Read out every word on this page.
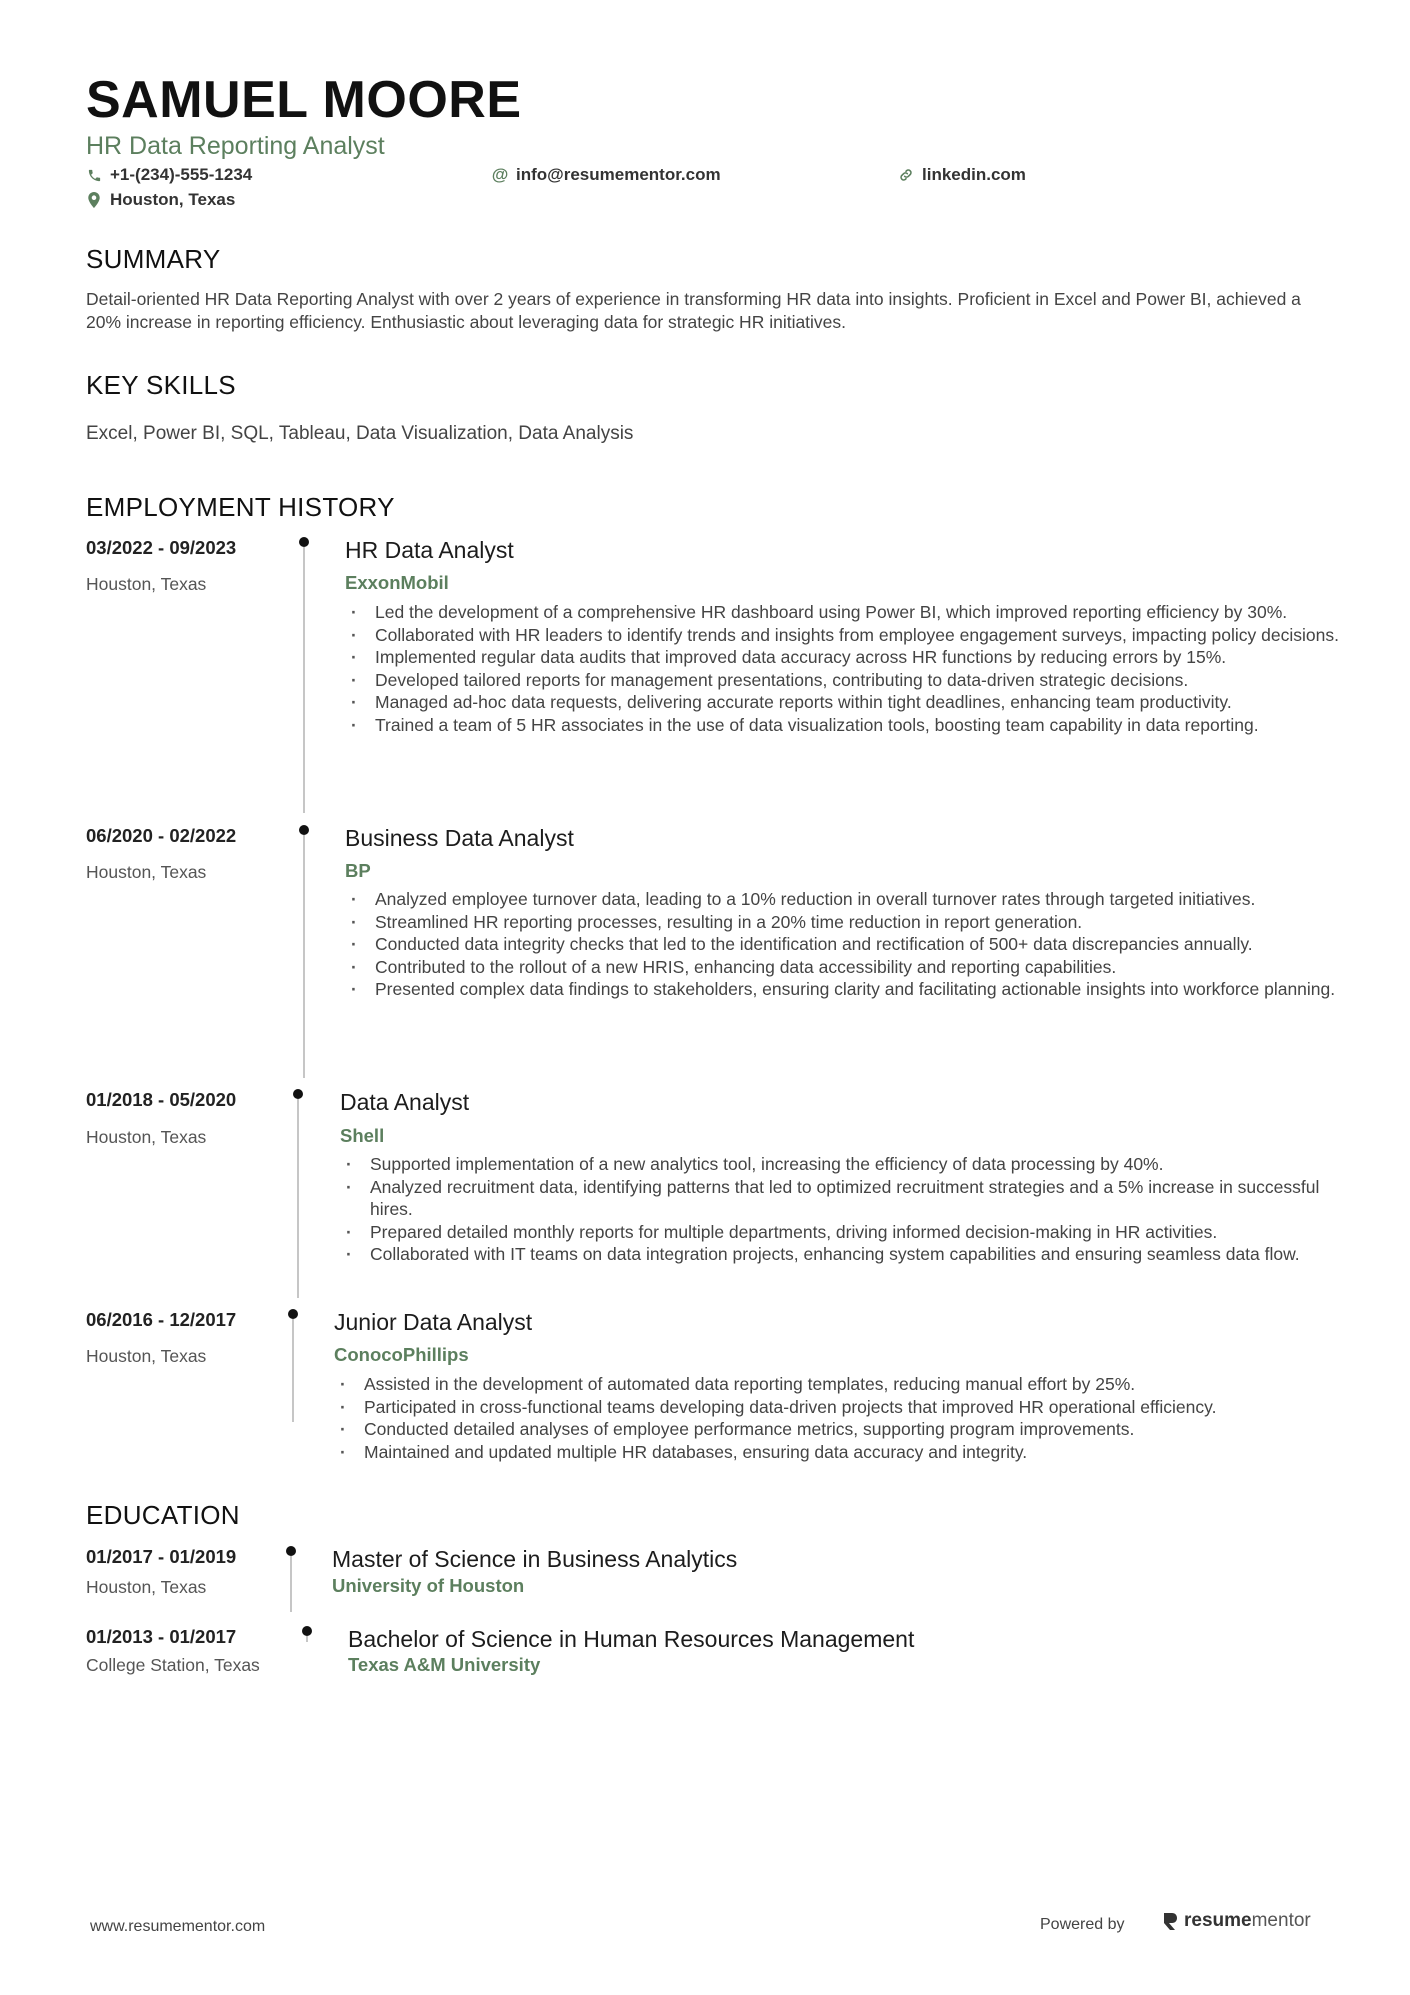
SAMUEL MOORE
HR Data Reporting Analyst
+1-(234)-555-1234	@ info@resumementor.com	linkedin.com
Houston, Texas
SUMMARY
Detail-oriented HR Data Reporting Analyst with over 2 years of experience in transforming HR data into insights. Proficient in Excel and Power BI, achieved a 20% increase in reporting efficiency. Enthusiastic about leveraging data for strategic HR initiatives.
KEY SKILLS
Excel, Power BI, SQL, Tableau, Data Visualization, Data Analysis
EMPLOYMENT HISTORY
03/2022 - 09/2023
Houston, Texas
HR Data Analyst
ExxonMobil
· Led the development of a comprehensive HR dashboard using Power BI, which improved reporting efficiency by 30%.
· Collaborated with HR leaders to identify trends and insights from employee engagement surveys, impacting policy decisions.
· Implemented regular data audits that improved data accuracy across HR functions by reducing errors by 15%.
· Developed tailored reports for management presentations, contributing to data-driven strategic decisions.
· Managed ad-hoc data requests, delivering accurate reports within tight deadlines, enhancing team productivity.
· Trained a team of 5 HR associates in the use of data visualization tools, boosting team capability in data reporting.
06/2020 - 02/2022
Houston, Texas
Business Data Analyst
BP
· Analyzed employee turnover data, leading to a 10% reduction in overall turnover rates through targeted initiatives.
· Streamlined HR reporting processes, resulting in a 20% time reduction in report generation.
· Conducted data integrity checks that led to the identification and rectification of 500+ data discrepancies annually.
· Contributed to the rollout of a new HRIS, enhancing data accessibility and reporting capabilities.
· Presented complex data findings to stakeholders, ensuring clarity and facilitating actionable insights into workforce planning.
01/2018 - 05/2020
Houston, Texas
Data Analyst
Shell
· Supported implementation of a new analytics tool, increasing the efficiency of data processing by 40%.
· Analyzed recruitment data, identifying patterns that led to optimized recruitment strategies and a 5% increase in successful hires.
· Prepared detailed monthly reports for multiple departments, driving informed decision-making in HR activities.
· Collaborated with IT teams on data integration projects, enhancing system capabilities and ensuring seamless data flow.
06/2016 - 12/2017
Houston, Texas
Junior Data Analyst
ConocoPhillips
· Assisted in the development of automated data reporting templates, reducing manual effort by 25%.
· Participated in cross-functional teams developing data-driven projects that improved HR operational efficiency.
· Conducted detailed analyses of employee performance metrics, supporting program improvements.
· Maintained and updated multiple HR databases, ensuring data accuracy and integrity.
EDUCATION
01/2017 - 01/2019
Houston, Texas
Master of Science in Business Analytics
University of Houston
01/2013 - 01/2017
College Station, Texas
Bachelor of Science in Human Resources Management
Texas A&M University
www.resumementor.com	Powered by	resumementor
